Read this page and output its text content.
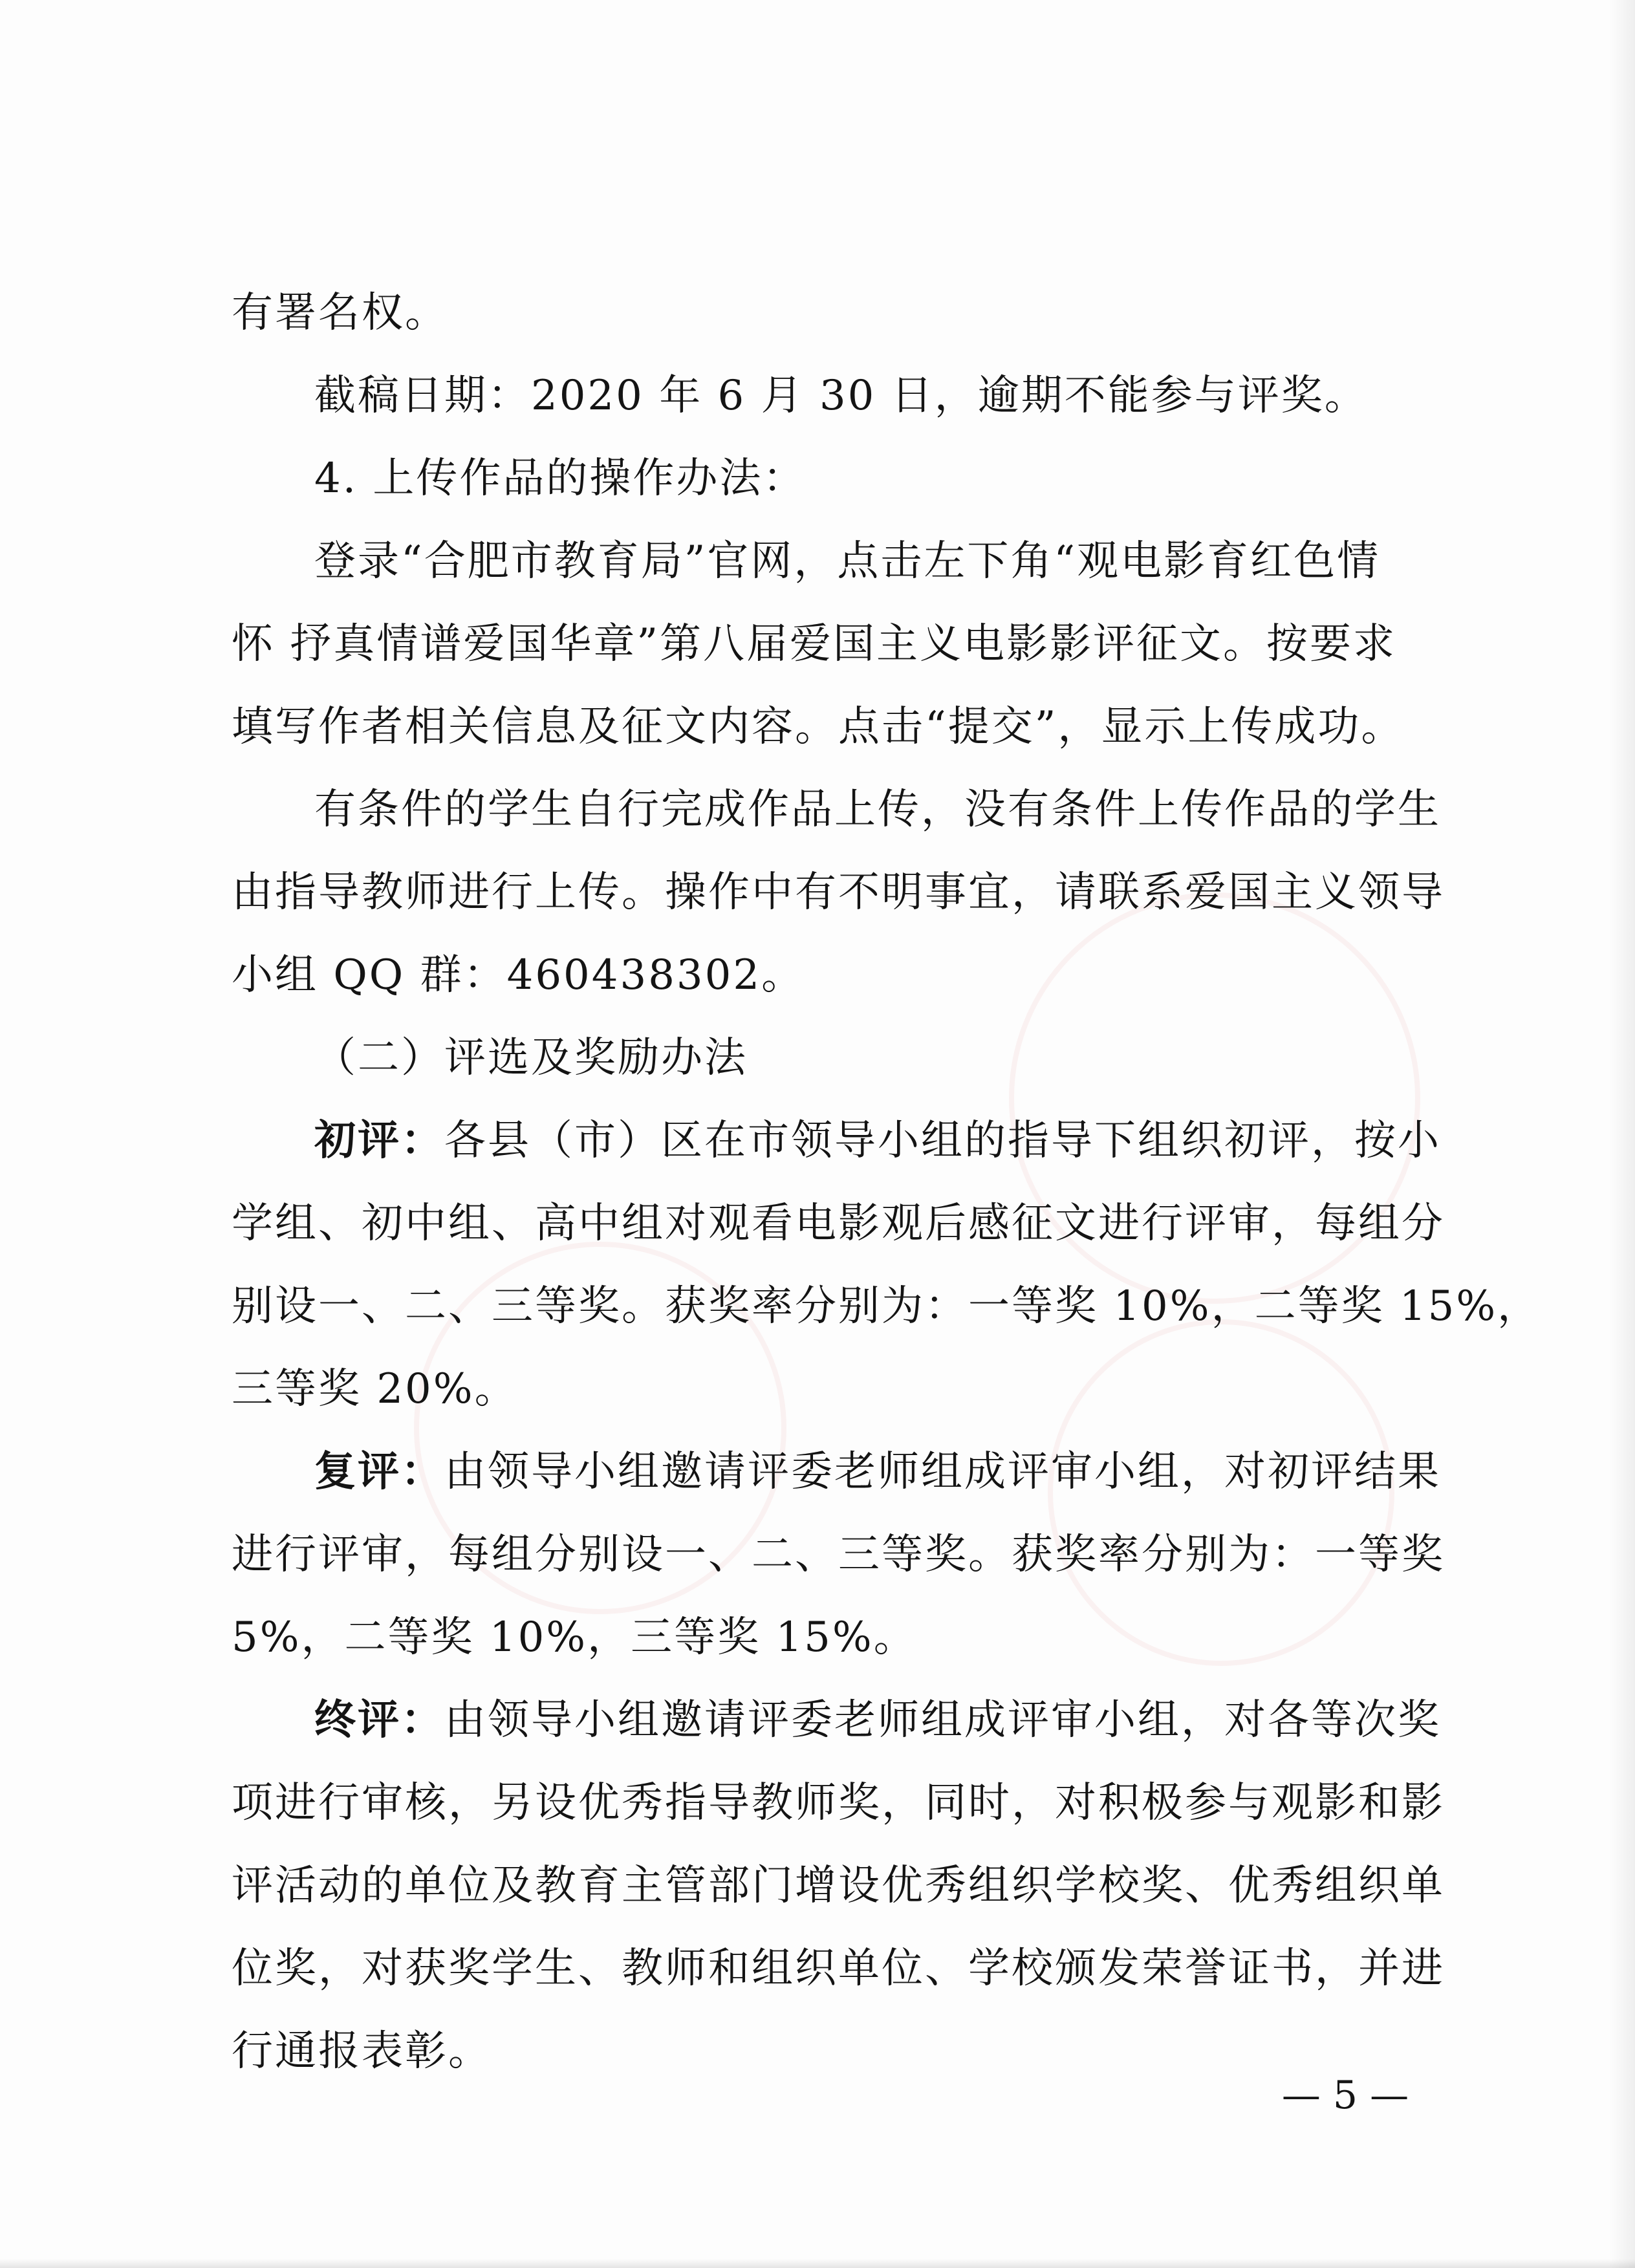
有署名权。

截稿日期：2020 年 6 月 30 日，逾期不能参与评奖。

4. 上传作品的操作办法：

登录“合肥市教育局”官网，点击左下角“观电影育红色情

怀 抒真情谱爱国华章”第八届爱国主义电影影评征文。按要求

填写作者相关信息及征文内容。点击“提交”，显示上传成功。

有条件的学生自行完成作品上传，没有条件上传作品的学生

由指导教师进行上传。操作中有不明事宜，请联系爱国主义领导

小组 QQ 群：460438302。

（二）评选及奖励办法

初评：各县（市）区在市领导小组的指导下组织初评，按小

学组、初中组、高中组对观看电影观后感征文进行评审，每组分

别设一、二、三等奖。获奖率分别为：一等奖 10%，二等奖 15%，

三等奖 20%。

复评：由领导小组邀请评委老师组成评审小组，对初评结果

进行评审，每组分别设一、二、三等奖。获奖率分别为：一等奖

5%，二等奖 10%，三等奖 15%。

终评：由领导小组邀请评委老师组成评审小组，对各等次奖

项进行审核，另设优秀指导教师奖，同时，对积极参与观影和影

评活动的单位及教育主管部门增设优秀组织学校奖、优秀组织单

位奖，对获奖学生、教师和组织单位、学校颁发荣誉证书，并进

行通报表彰。

— 5 —
